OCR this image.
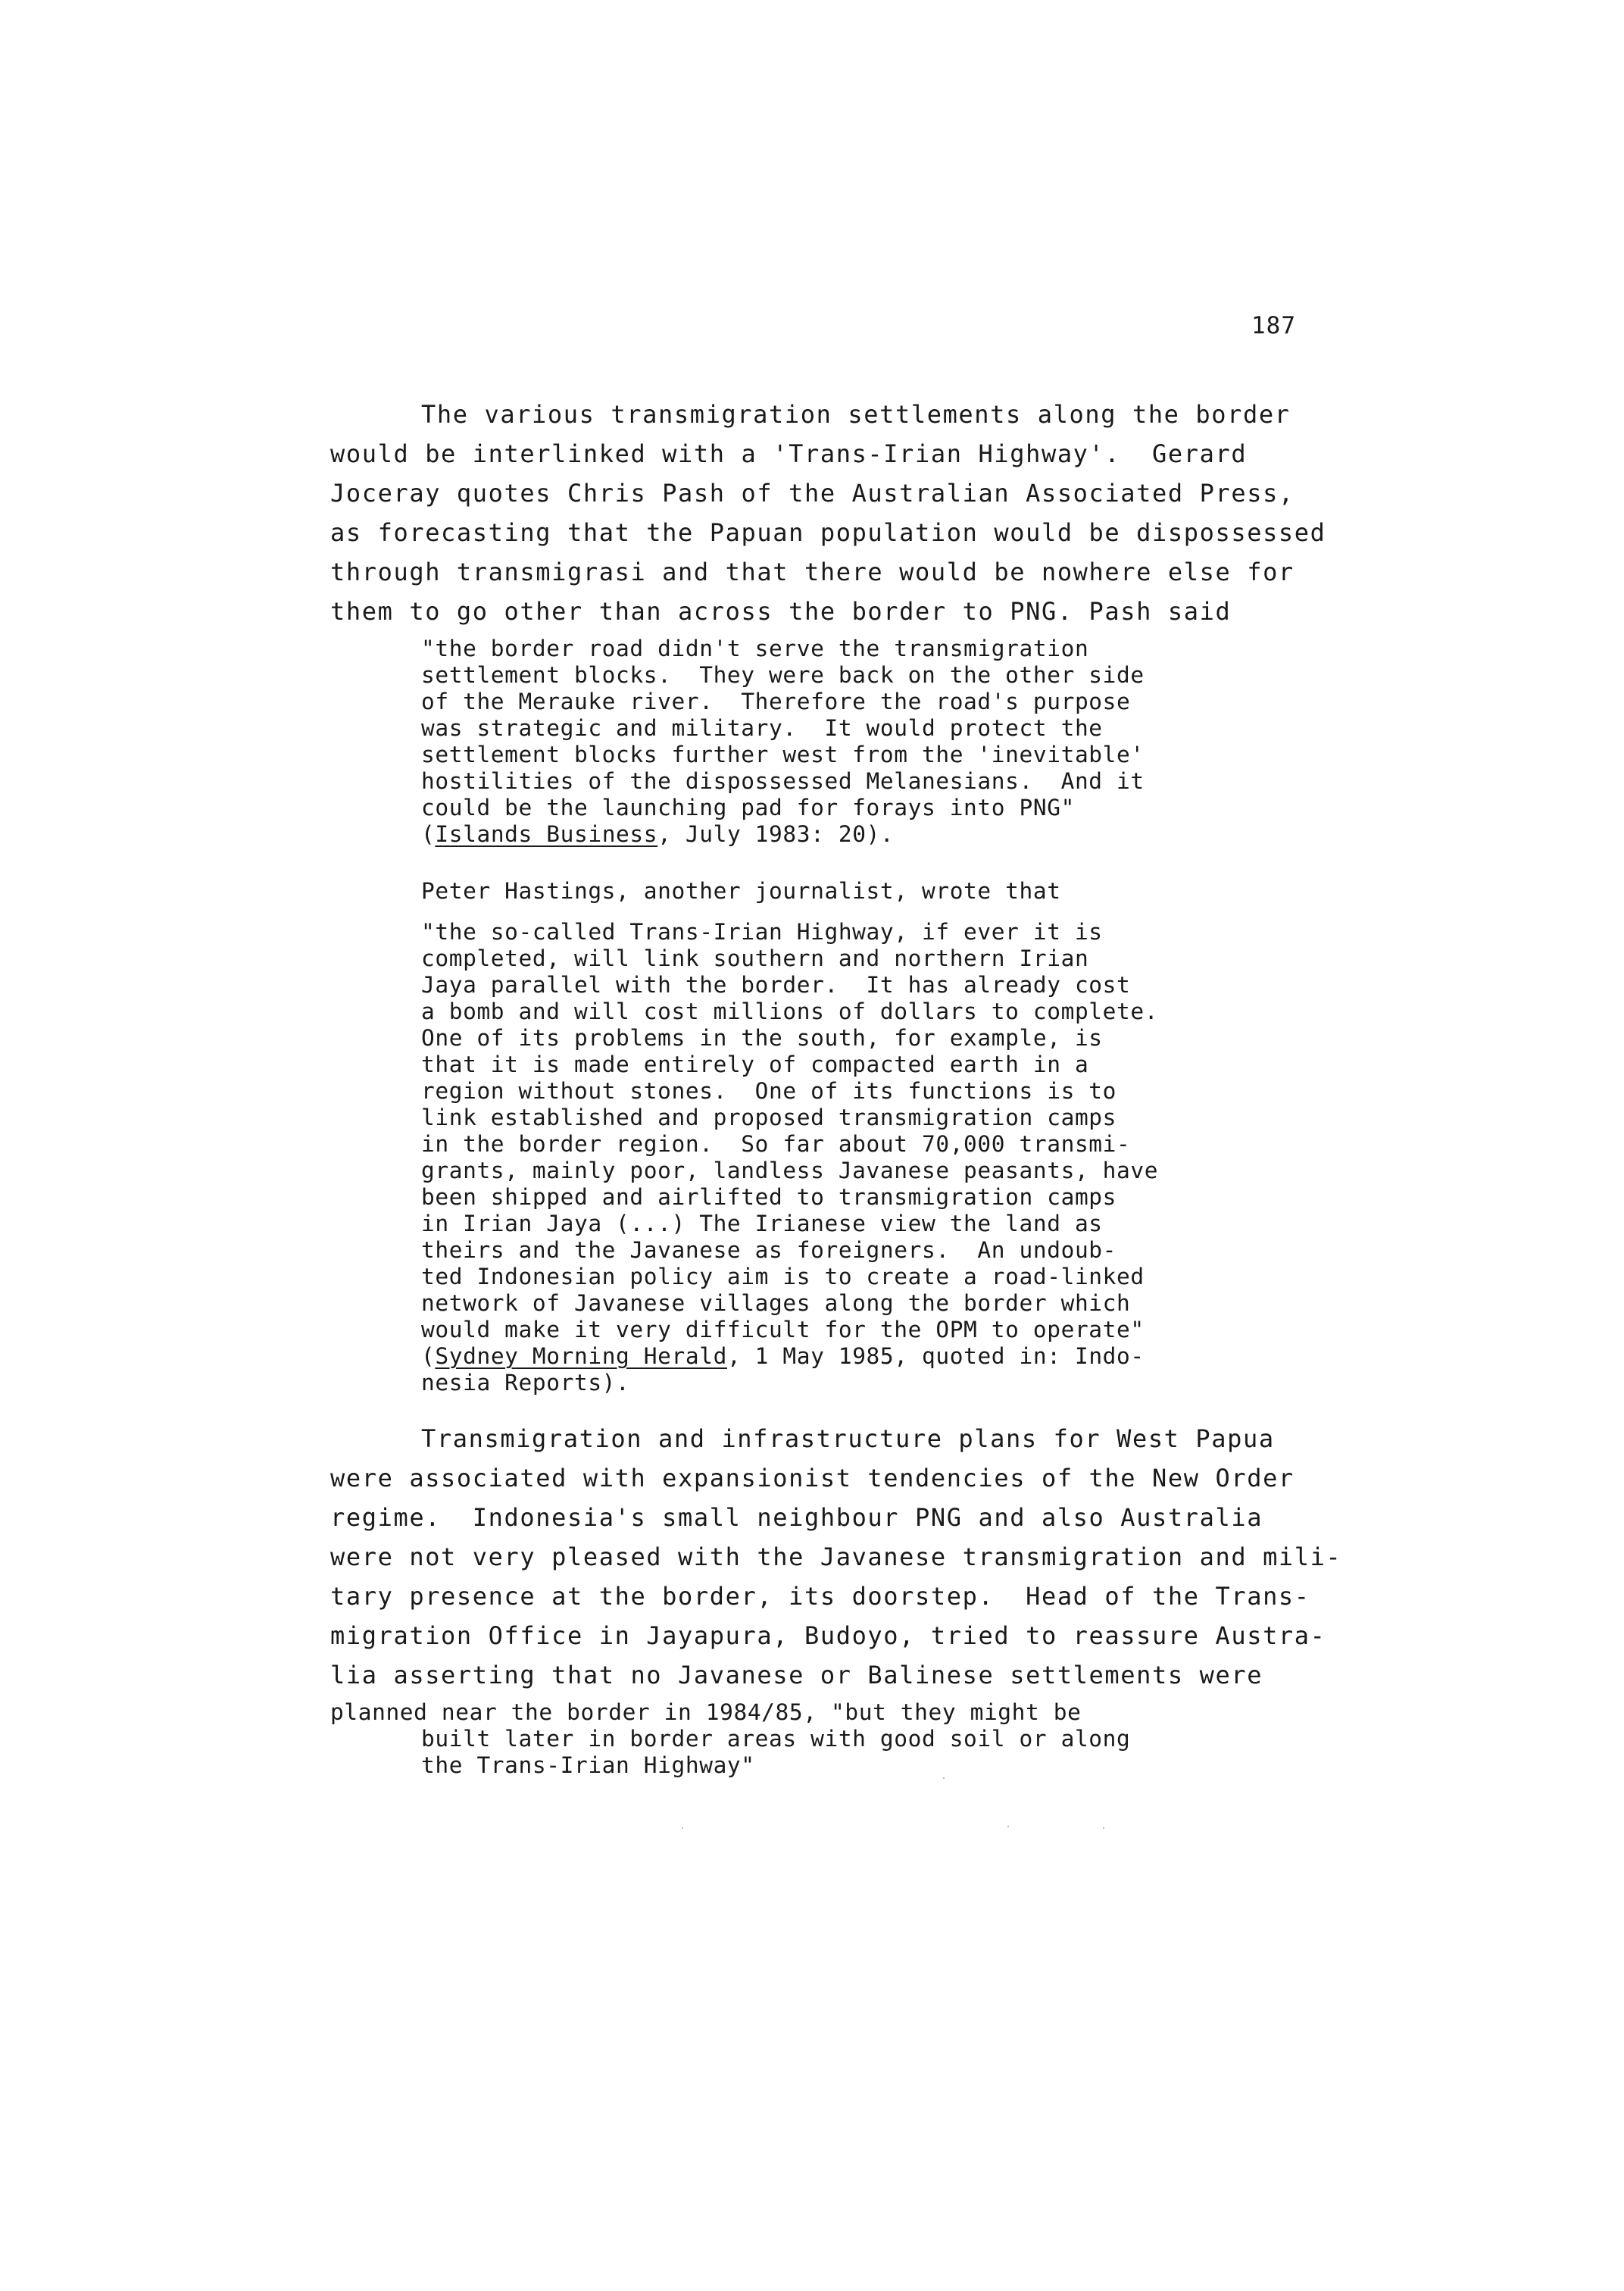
187
The various transmigration settlements along the border
would be interlinked with a 'Trans-Irian Highway'.  Gerard
Joceray quotes Chris Pash of the Australian Associated Press,
as forecasting that the Papuan population would be dispossessed
through transmigrasi and that there would be nowhere else for
them to go other than across the border to PNG. Pash said
"the border road didn't serve the transmigration
settlement blocks.  They were back on the other side
of the Merauke river.  Therefore the road's purpose
was strategic and military.  It would protect the
settlement blocks further west from the 'inevitable'
hostilities of the dispossessed Melanesians.  And it
could be the launching pad for forays into PNG"
(Islands Business, July 1983: 20).
Peter Hastings, another journalist, wrote that
"the so-called Trans-Irian Highway, if ever it is
completed, will link southern and northern Irian
Jaya parallel with the border.  It has already cost
a bomb and will cost millions of dollars to complete.
One of its problems in the south, for example, is
that it is made entirely of compacted earth in a
region without stones.  One of its functions is to
link established and proposed transmigration camps
in the border region.  So far about 70,000 transmi-
grants, mainly poor, landless Javanese peasants, have
been shipped and airlifted to transmigration camps
in Irian Jaya (...) The Irianese view the land as
theirs and the Javanese as foreigners.  An undoub-
ted Indonesian policy aim is to create a road-linked
network of Javanese villages along the border which
would make it very difficult for the OPM to operate"
(Sydney Morning Herald, 1 May 1985, quoted in: Indo-
nesia Reports).
Transmigration and infrastructure plans for West Papua
were associated with expansionist tendencies of the New Order
regime.  Indonesia's small neighbour PNG and also Australia
were not very pleased with the Javanese transmigration and mili-
tary presence at the border, its doorstep.  Head of the Trans-
migration Office in Jayapura, Budoyo, tried to reassure Austra-
lia asserting that no Javanese or Balinese settlements were
planned near the border in 1984/85, "but they might be
built later in border areas with good soil or along
the Trans-Irian Highway"
